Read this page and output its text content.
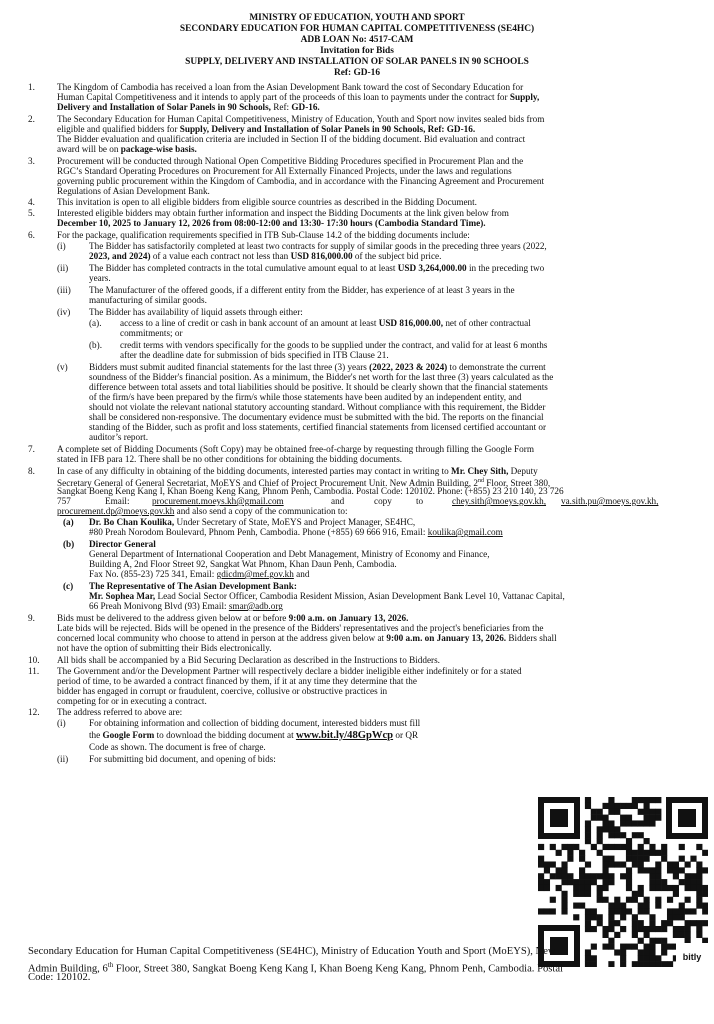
MINISTRY OF EDUCATION, YOUTH AND SPORT
SECONDARY EDUCATION FOR HUMAN CAPITAL COMPETITIVENESS (SE4HC)
ADB LOAN No: 4517-CAM
Invitation for Bids
SUPPLY, DELIVERY AND INSTALLATION OF SOLAR PANELS IN 90 SCHOOLS
Ref: GD-16
1. The Kingdom of Cambodia has received a loan from the Asian Development Bank toward the cost of Secondary Education for
Human Capital Competitiveness and it intends to apply part of the proceeds of this loan to payments under the contract for Supply,
Delivery and Installation of Solar Panels in 90 Schools, Ref: GD-16.
2. The Secondary Education for Human Capital Competitiveness, Ministry of Education, Youth and Sport now invites sealed bids from
eligible and qualified bidders for Supply, Delivery and Installation of Solar Panels in 90 Schools, Ref: GD-16.
The Bidder evaluation and qualification criteria are included in Section II of the bidding document. Bid evaluation and contract
award will be on package-wise basis.
3. Procurement will be conducted through National Open Competitive Bidding Procedures specified in Procurement Plan and the
RGC’s Standard Operating Procedures on Procurement for All Externally Financed Projects, under the laws and regulations
governing public procurement within the Kingdom of Cambodia, and in accordance with the Financing Agreement and Procurement
Regulations of Asian Development Bank.
4. This invitation is open to all eligible bidders from eligible source countries as described in the Bidding Document.
5. Interested eligible bidders may obtain further information and inspect the Bidding Documents at the link given below from
December 10, 2025 to January 12, 2026 from 08:00-12:00 and 13:30- 17:30 hours (Cambodia Standard Time).
6. For the package, qualification requirements specified in ITB Sub-Clause 14.2 of the bidding documents include:
(i)	The Bidder has satisfactorily completed at least two contracts for supply of similar goods in the preceding three years (2022,
2023, and 2024) of a value each contract not less than USD 816,000.00 of the subject bid price.
(ii) The Bidder has completed contracts in the total cumulative amount equal to at least USD 3,264,000.00 in the preceding two
years.
(iii) The Manufacturer of the offered goods, if a different entity from the Bidder, has experience of at least 3 years in the
manufacturing of similar goods.
(iv) The Bidder has availability of liquid assets through either:
(a). access to a line of credit or cash in bank account of an amount at least USD 816,000.00, net of other contractual
commitments; or
(b). credit terms with vendors specifically for the goods to be supplied under the contract, and valid for at least 6 months
after the deadline date for submission of bids specified in ITB Clause 21.
(v) Bidders must submit audited financial statements for the last three (3) years (2022, 2023 & 2024) to demonstrate the current
soundness of the Bidder's financial position. As a minimum, the Bidder's net worth for the last three (3) years calculated as the
difference between total assets and total liabilities should be positive. It should be clearly shown that the financial statements
of the firm/s have been prepared by the firm/s while those statements have been audited by an independent entity, and
should not violate the relevant national statutory accounting standard. Without compliance with this requirement, the Bidder
shall be considered non-responsive. The documentary evidence must be submitted with the bid. The reports on the financial
standing of the Bidder, such as profit and loss statements, certified financial statements from licensed certified accountant or
auditor’s report.
7. A complete set of Bidding Documents (Soft Copy) may be obtained free-of-charge by requesting through filling the Google Form
stated in IFB para 12. There shall be no other conditions for obtaining the bidding documents.
8. In case of any difficulty in obtaining of the bidding documents, interested parties may contact in writing to Mr. Chey Sith, Deputy
Secretary General of General Secretariat, MoEYS and Chief of Project Procurement Unit. New Admin Building, 2nd Floor, Street 380,
Sangkat Boeng Keng Kang I, Khan Boeng Keng Kang, Phnom Penh, Cambodia. Postal Code: 120102. Phone: (+855) 23 210 140, 23 726
757	Email: procurement.moeys.kh@gmail.com	and	copy	to	chey.sith@moeys.gov.kh, va.sith.pu@moeys.gov.kh,
procurement.dp@moeys.gov.kh and also send a copy of the communication to:
(a) Dr. Bo Chan Koulika, Under Secretary of State, MoEYS and Project Manager, SE4HC,
#80 Preah Norodom Boulevard, Phnom Penh, Cambodia. Phone (+855) 69 666 916, Email: koulika@gmail.com
(b) Director General
General Department of International Cooperation and Debt Management, Ministry of Economy and Finance,
Building A, 2nd Floor Street 92, Sangkat Wat Phnom, Khan Daun Penh, Cambodia.
Fax No. (855-23) 725 341, Email: gdicdm@mef.gov.kh and
(c) The Representative of The Asian Development Bank:
Mr. Sophea Mar, Lead Social Sector Officer, Cambodia Resident Mission, Asian Development Bank Level 10, Vattanac Capital,
66 Preah Monivong Blvd (93) Email: smar@adb.org
9. Bids must be delivered to the address given below at or before 9:00 a.m. on January 13, 2026.
Late bids will be rejected. Bids will be opened in the presence of the Bidders' representatives and the project's beneficiaries from the
concerned local community who choose to attend in person at the address given below at 9:00 a.m. on January 13, 2026. Bidders shall
not have the option of submitting their Bids electronically.
10. All bids shall be accompanied by a Bid Securing Declaration as described in the Instructions to Bidders.
11. The Government and/or the Development Partner will respectively declare a bidder ineligible either indefinitely or for a stated
period of time, to be awarded a contract financed by them, if it at any time they determine that the
bidder has engaged in corrupt or fraudulent, coercive, collusive or obstructive practices in
competing for or in executing a contract.
12. The address referred to above are:
(i)	For obtaining information and collection of bidding document, interested bidders must fill
the Google Form to download the bidding document at www.bit.ly/48GpWcp or QR
Code as shown. The document is free of charge.
(ii) For submitting bid document, and opening of bids:
bitly
Secondary Education for Human Capital Competitiveness (SE4HC), Ministry of Education Youth and Sport (MoEYS), New
Admin Building, 6th Floor, Street 380, Sangkat Boeng Keng Kang I, Khan Boeng Keng Kang, Phnom Penh, Cambodia. Postal
Code: 120102.
